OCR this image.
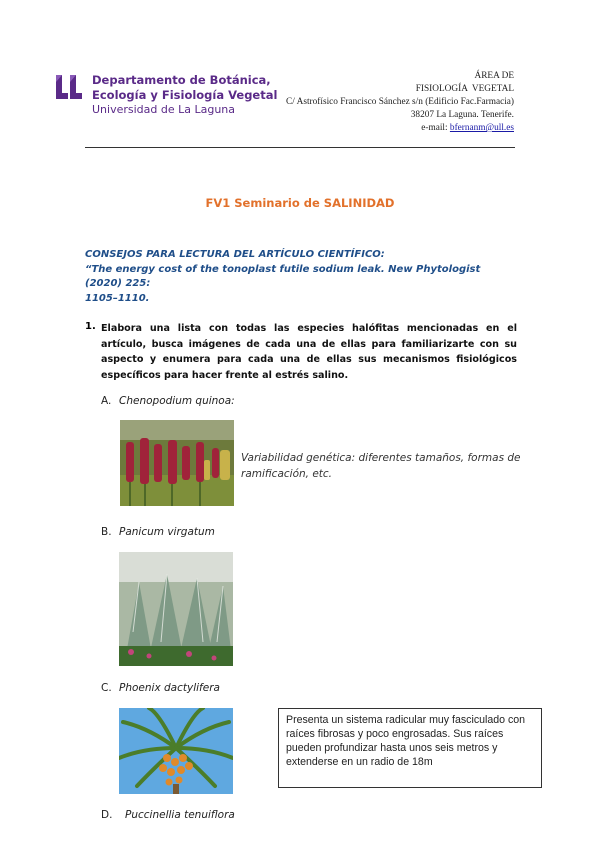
Departamento de Botánica,
Ecología y Fisiología Vegetal
Universidad de La Laguna
ÁREA DE
FISIOLOGÍA  VEGETAL
C/ Astrofísico Francisco Sánchez s/n (Edificio Fac.Farmacia)
38207 La Laguna. Tenerife.
e-mail: bfernanm@ull.es
FV1 Seminario de SALINIDAD
CONSEJOS PARA LECTURA DEL ARTÍCULO CIENTÍFICO:
“The energy cost of the tonoplast futile sodium leak. New Phytologist (2020) 225:
1105–1110.
1. Elabora una lista con todas las especies halófitas mencionadas en el artículo, busca imágenes de cada una de ellas para familiarizarte con su aspecto y enumera para cada una de ellas sus mecanismos fisiológicos específicos para hacer frente al estrés salino.
A. Chenopodium quinoa:
Variabilidad genética: diferentes tamaños, formas de ramificación, etc.
B. Panicum virgatum
C. Phoenix dactylifera
Presenta un sistema radicular muy fasciculado con raíces fibrosas y poco engrosadas. Sus raíces pueden profundizar hasta unos seis metros y extenderse en un radio de 18m
D. Puccinellia tenuiflora
